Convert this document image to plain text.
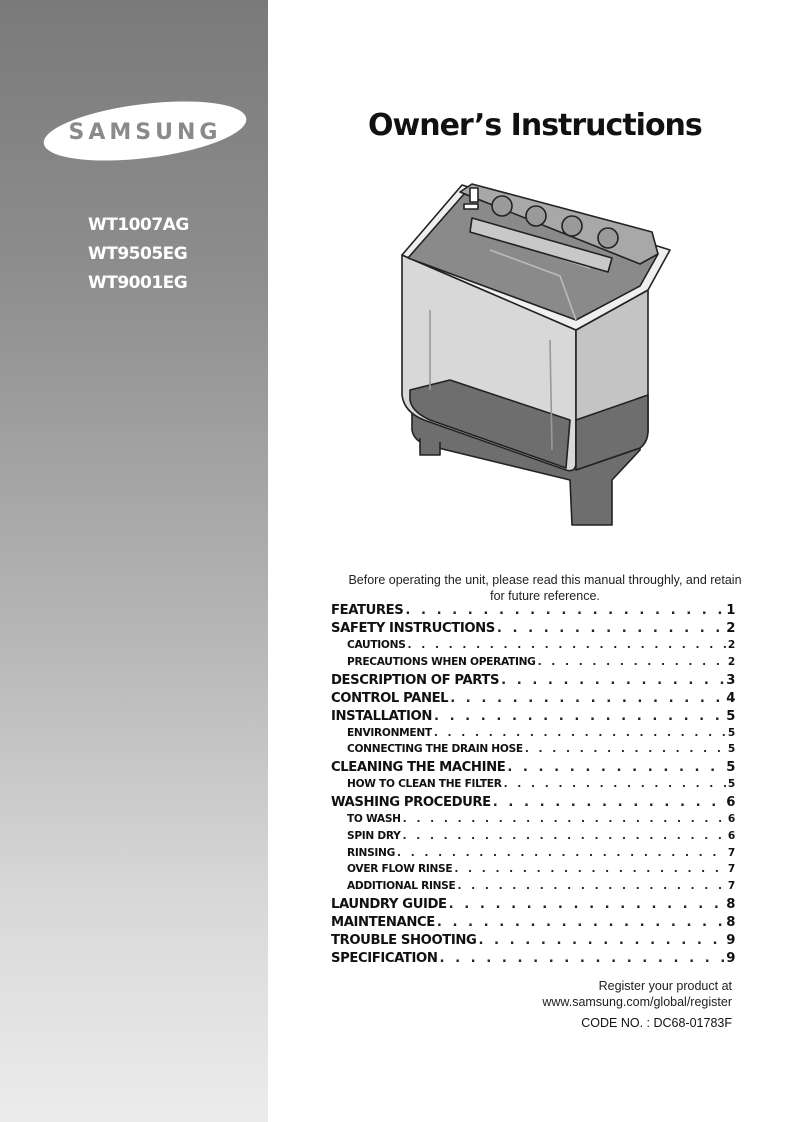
SAMSUNG
WT1007AG
WT9505EG
WT9001EG
Owner’s Instructions
Before operating the unit, please read this manual throughly, and retain for future reference.
FEATURES . . .	1
SAFETY INSTRUCTIONS . . .	2
CAUTIONS . . .	2
PRECAUTIONS WHEN OPERATING . . .	2
DESCRIPTION OF PARTS . . .	3
CONTROL PANEL . . .	4
INSTALLATION . . .	5
ENVIRONMENT . . .	5
CONNECTING THE DRAIN HOSE . . .	5
CLEANING THE MACHINE . . .	5
HOW TO CLEAN THE FILTER . . .	5
WASHING PROCEDURE . . .	6
TO WASH . . .	6
SPIN DRY . . .	6
RINSING . . .	7
OVER FLOW RINSE . . .	7
ADDITIONAL RINSE . . .	7
LAUNDRY GUIDE . . .	8
MAINTENANCE . . .	8
TROUBLE SHOOTING . . .	9
SPECIFICATION . . .	9
Register your product at
www.samsung.com/global/register
CODE NO. : DC68-01783F
